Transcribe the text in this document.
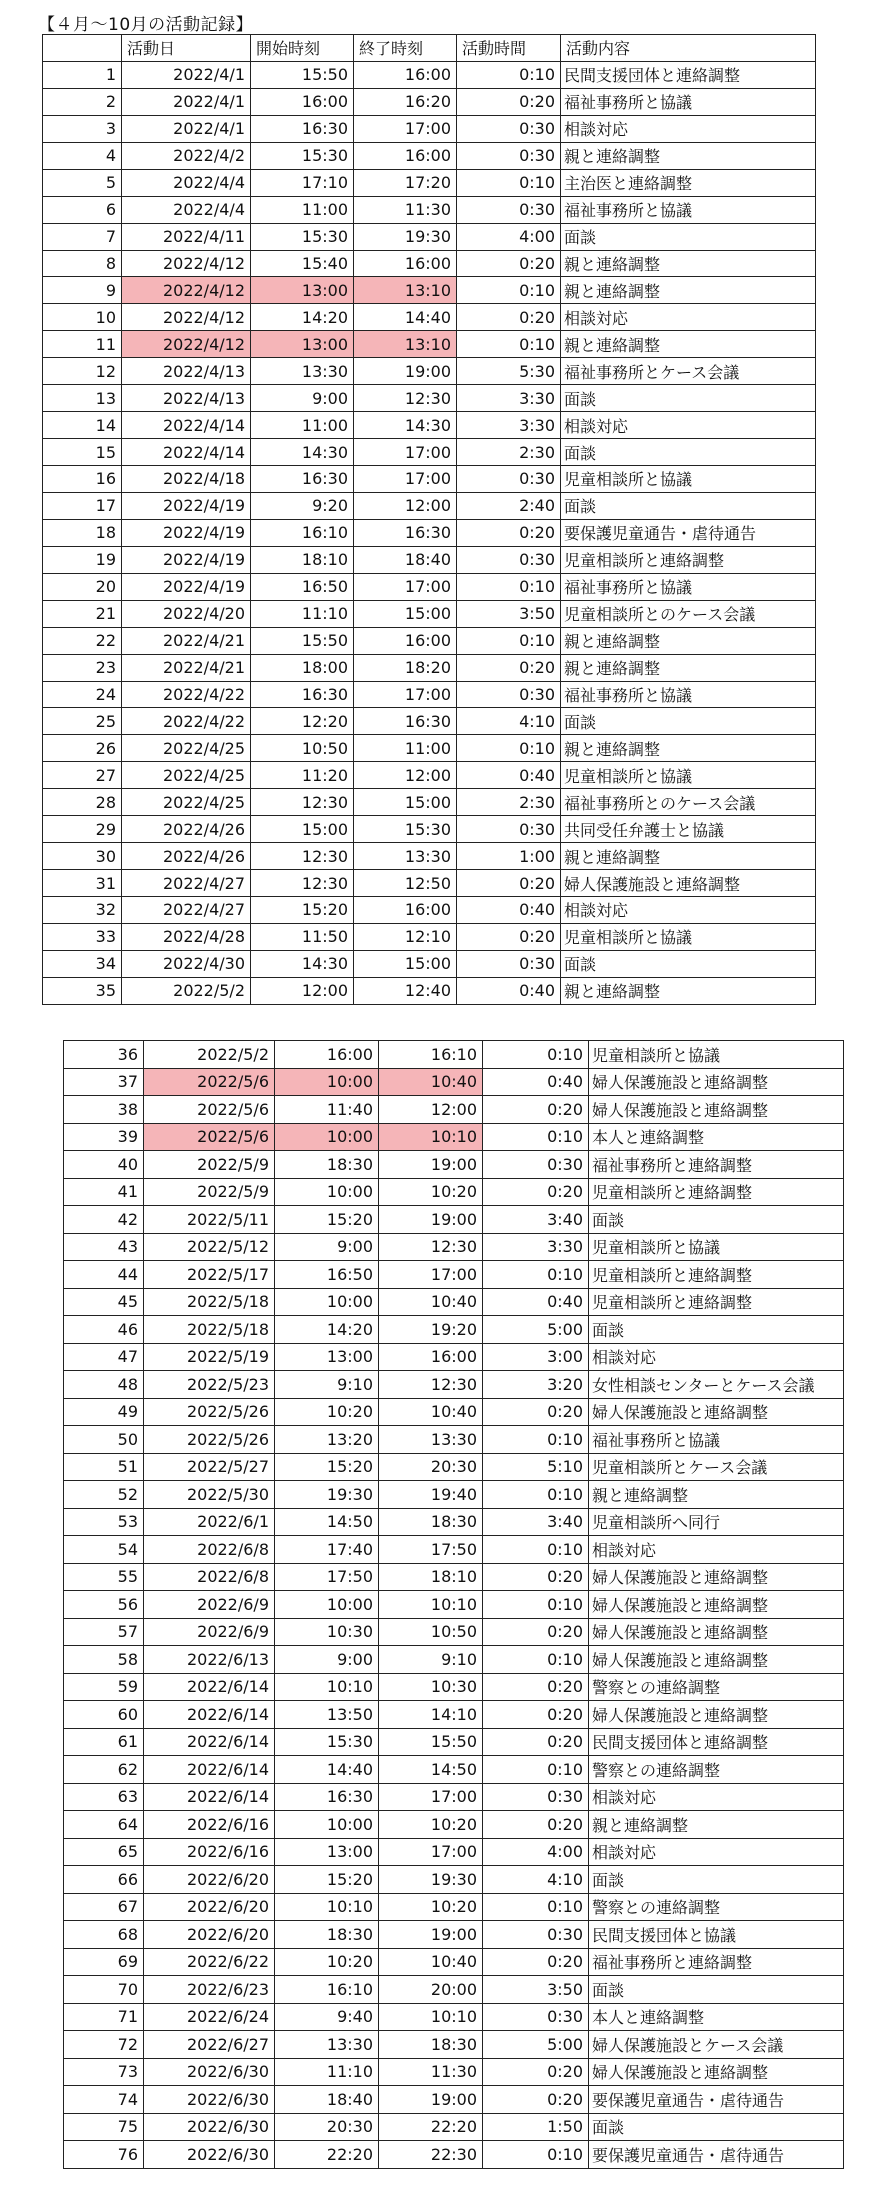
【４月～10月の活動記録】
	活動日	開始時刻	終了時刻	活動時間	活動内容
1	2022/4/1	15:50	16:00	0:10	民間支援団体と連絡調整
2	2022/4/1	16:00	16:20	0:20	福祉事務所と協議
3	2022/4/1	16:30	17:00	0:30	相談対応
4	2022/4/2	15:30	16:00	0:30	親と連絡調整
5	2022/4/4	17:10	17:20	0:10	主治医と連絡調整
6	2022/4/4	11:00	11:30	0:30	福祉事務所と協議
7	2022/4/11	15:30	19:30	4:00	面談
8	2022/4/12	15:40	16:00	0:20	親と連絡調整
9	2022/4/12	13:00	13:10	0:10	親と連絡調整
10	2022/4/12	14:20	14:40	0:20	相談対応
11	2022/4/12	13:00	13:10	0:10	親と連絡調整
12	2022/4/13	13:30	19:00	5:30	福祉事務所とケース会議
13	2022/4/13	9:00	12:30	3:30	面談
14	2022/4/14	11:00	14:30	3:30	相談対応
15	2022/4/14	14:30	17:00	2:30	面談
16	2022/4/18	16:30	17:00	0:30	児童相談所と協議
17	2022/4/19	9:20	12:00	2:40	面談
18	2022/4/19	16:10	16:30	0:20	要保護児童通告・虐待通告
19	2022/4/19	18:10	18:40	0:30	児童相談所と連絡調整
20	2022/4/19	16:50	17:00	0:10	福祉事務所と協議
21	2022/4/20	11:10	15:00	3:50	児童相談所とのケース会議
22	2022/4/21	15:50	16:00	0:10	親と連絡調整
23	2022/4/21	18:00	18:20	0:20	親と連絡調整
24	2022/4/22	16:30	17:00	0:30	福祉事務所と協議
25	2022/4/22	12:20	16:30	4:10	面談
26	2022/4/25	10:50	11:00	0:10	親と連絡調整
27	2022/4/25	11:20	12:00	0:40	児童相談所と協議
28	2022/4/25	12:30	15:00	2:30	福祉事務所とのケース会議
29	2022/4/26	15:00	15:30	0:30	共同受任弁護士と協議
30	2022/4/26	12:30	13:30	1:00	親と連絡調整
31	2022/4/27	12:30	12:50	0:20	婦人保護施設と連絡調整
32	2022/4/27	15:20	16:00	0:40	相談対応
33	2022/4/28	11:50	12:10	0:20	児童相談所と協議
34	2022/4/30	14:30	15:00	0:30	面談
35	2022/5/2	12:00	12:40	0:40	親と連絡調整
36	2022/5/2	16:00	16:10	0:10	児童相談所と協議
37	2022/5/6	10:00	10:40	0:40	婦人保護施設と連絡調整
38	2022/5/6	11:40	12:00	0:20	婦人保護施設と連絡調整
39	2022/5/6	10:00	10:10	0:10	本人と連絡調整
40	2022/5/9	18:30	19:00	0:30	福祉事務所と連絡調整
41	2022/5/9	10:00	10:20	0:20	児童相談所と連絡調整
42	2022/5/11	15:20	19:00	3:40	面談
43	2022/5/12	9:00	12:30	3:30	児童相談所と協議
44	2022/5/17	16:50	17:00	0:10	児童相談所と連絡調整
45	2022/5/18	10:00	10:40	0:40	児童相談所と連絡調整
46	2022/5/18	14:20	19:20	5:00	面談
47	2022/5/19	13:00	16:00	3:00	相談対応
48	2022/5/23	9:10	12:30	3:20	女性相談センターとケース会議
49	2022/5/26	10:20	10:40	0:20	婦人保護施設と連絡調整
50	2022/5/26	13:20	13:30	0:10	福祉事務所と協議
51	2022/5/27	15:20	20:30	5:10	児童相談所とケース会議
52	2022/5/30	19:30	19:40	0:10	親と連絡調整
53	2022/6/1	14:50	18:30	3:40	児童相談所へ同行
54	2022/6/8	17:40	17:50	0:10	相談対応
55	2022/6/8	17:50	18:10	0:20	婦人保護施設と連絡調整
56	2022/6/9	10:00	10:10	0:10	婦人保護施設と連絡調整
57	2022/6/9	10:30	10:50	0:20	婦人保護施設と連絡調整
58	2022/6/13	9:00	9:10	0:10	婦人保護施設と連絡調整
59	2022/6/14	10:10	10:30	0:20	警察との連絡調整
60	2022/6/14	13:50	14:10	0:20	婦人保護施設と連絡調整
61	2022/6/14	15:30	15:50	0:20	民間支援団体と連絡調整
62	2022/6/14	14:40	14:50	0:10	警察との連絡調整
63	2022/6/14	16:30	17:00	0:30	相談対応
64	2022/6/16	10:00	10:20	0:20	親と連絡調整
65	2022/6/16	13:00	17:00	4:00	相談対応
66	2022/6/20	15:20	19:30	4:10	面談
67	2022/6/20	10:10	10:20	0:10	警察との連絡調整
68	2022/6/20	18:30	19:00	0:30	民間支援団体と協議
69	2022/6/22	10:20	10:40	0:20	福祉事務所と連絡調整
70	2022/6/23	16:10	20:00	3:50	面談
71	2022/6/24	9:40	10:10	0:30	本人と連絡調整
72	2022/6/27	13:30	18:30	5:00	婦人保護施設とケース会議
73	2022/6/30	11:10	11:30	0:20	婦人保護施設と連絡調整
74	2022/6/30	18:40	19:00	0:20	要保護児童通告・虐待通告
75	2022/6/30	20:30	22:20	1:50	面談
76	2022/6/30	22:20	22:30	0:10	要保護児童通告・虐待通告
